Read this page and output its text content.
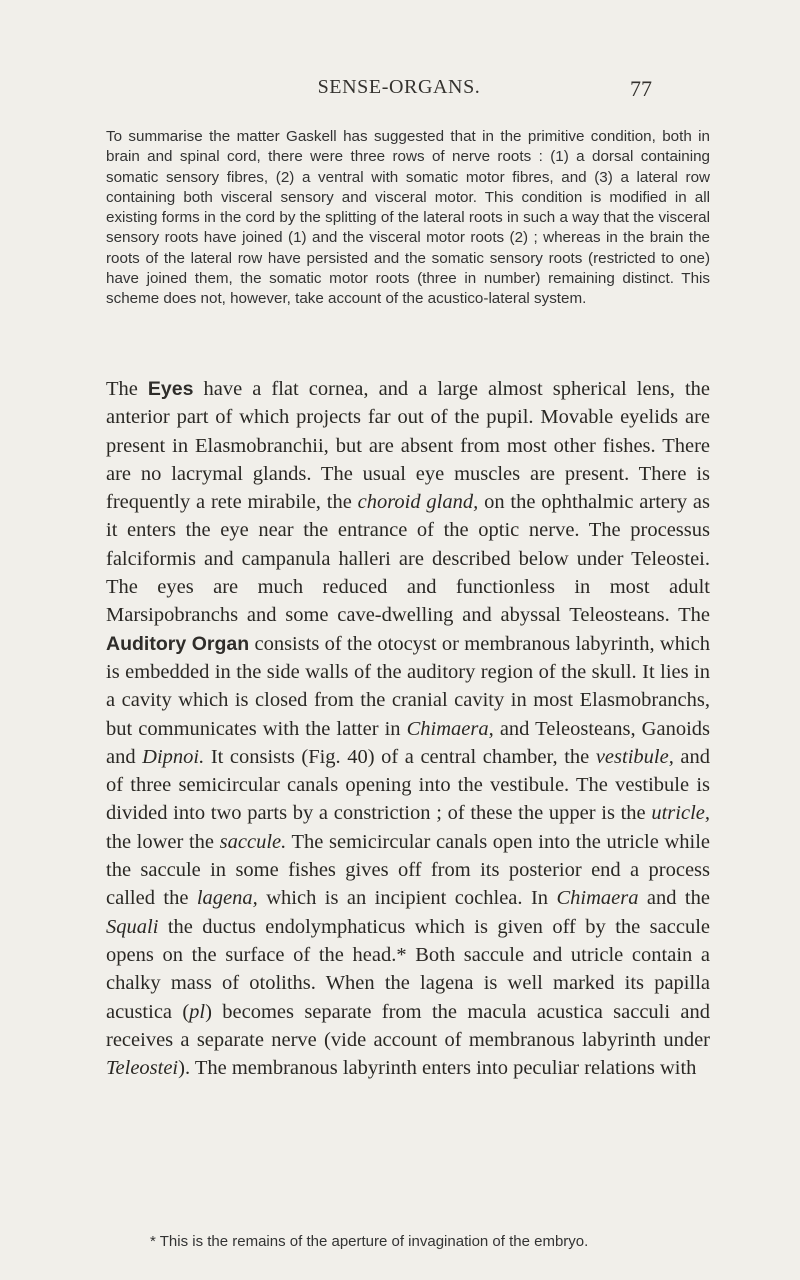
SENSE-ORGANS.	77
To summarise the matter Gaskell has suggested that in the primitive condition, both in brain and spinal cord, there were three rows of nerve roots : (1) a dorsal containing somatic sensory fibres, (2) a ventral with somatic motor fibres, and (3) a lateral row containing both visceral sensory and visceral motor. This condition is modified in all existing forms in the cord by the splitting of the lateral roots in such a way that the visceral sensory roots have joined (1) and the visceral motor roots (2) ; whereas in the brain the roots of the lateral row have persisted and the somatic sensory roots (restricted to one) have joined them, the somatic motor roots (three in number) remaining distinct. This scheme does not, however, take account of the acustico-lateral system.
The Eyes have a flat cornea, and a large almost spherical lens, the anterior part of which projects far out of the pupil. Movable eyelids are present in Elasmobranchii, but are absent from most other fishes. There are no lacrymal glands. The usual eye muscles are present. There is frequently a rete mirabile, the choroid gland, on the ophthalmic artery as it enters the eye near the entrance of the optic nerve. The processus falciformis and campanula halleri are described below under Teleostei. The eyes are much reduced and functionless in most adult Marsipobranchs and some cave-dwelling and abyssal Teleosteans. The Auditory Organ consists of the otocyst or membranous labyrinth, which is embedded in the side walls of the auditory region of the skull. It lies in a cavity which is closed from the cranial cavity in most Elasmobranchs, but communicates with the latter in Chimaera, and Teleosteans, Ganoids and Dipnoi. It consists (Fig. 40) of a central chamber, the vestibule, and of three semicircular canals opening into the vestibule. The vestibule is divided into two parts by a constriction ; of these the upper is the utricle, the lower the saccule. The semicircular canals open into the utricle while the saccule in some fishes gives off from its posterior end a process called the lagena, which is an incipient cochlea. In Chimaera and the Squali the ductus endolymphaticus which is given off by the saccule opens on the surface of the head.* Both saccule and utricle contain a chalky mass of otoliths. When the lagena is well marked its papilla acustica (pl) becomes separate from the macula acustica sacculi and receives a separate nerve (vide account of membranous labyrinth under Teleostei). The membranous labyrinth enters into peculiar relations with
* This is the remains of the aperture of invagination of the embryo.
